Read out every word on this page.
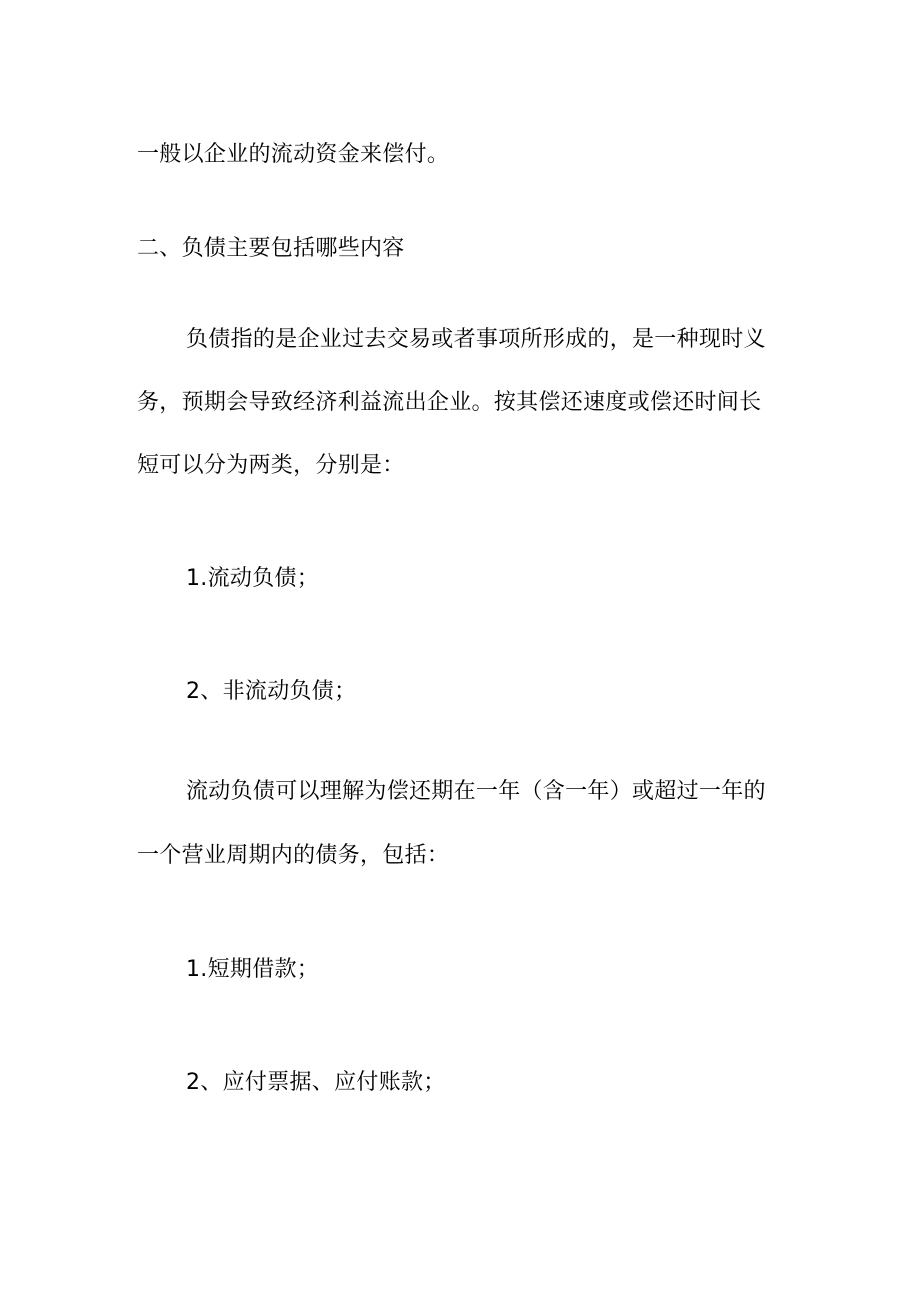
一般以企业的流动资金来偿付。
二、负债主要包括哪些内容
负债指的是企业过去交易或者事项所形成的，是一种现时义
务，预期会导致经济利益流出企业。按其偿还速度或偿还时间长
短可以分为两类，分别是：
1.流动负债；
2、非流动负债；
流动负债可以理解为偿还期在一年（含一年）或超过一年的
一个营业周期内的债务，包括：
1.短期借款；
2、应付票据、应付账款；
